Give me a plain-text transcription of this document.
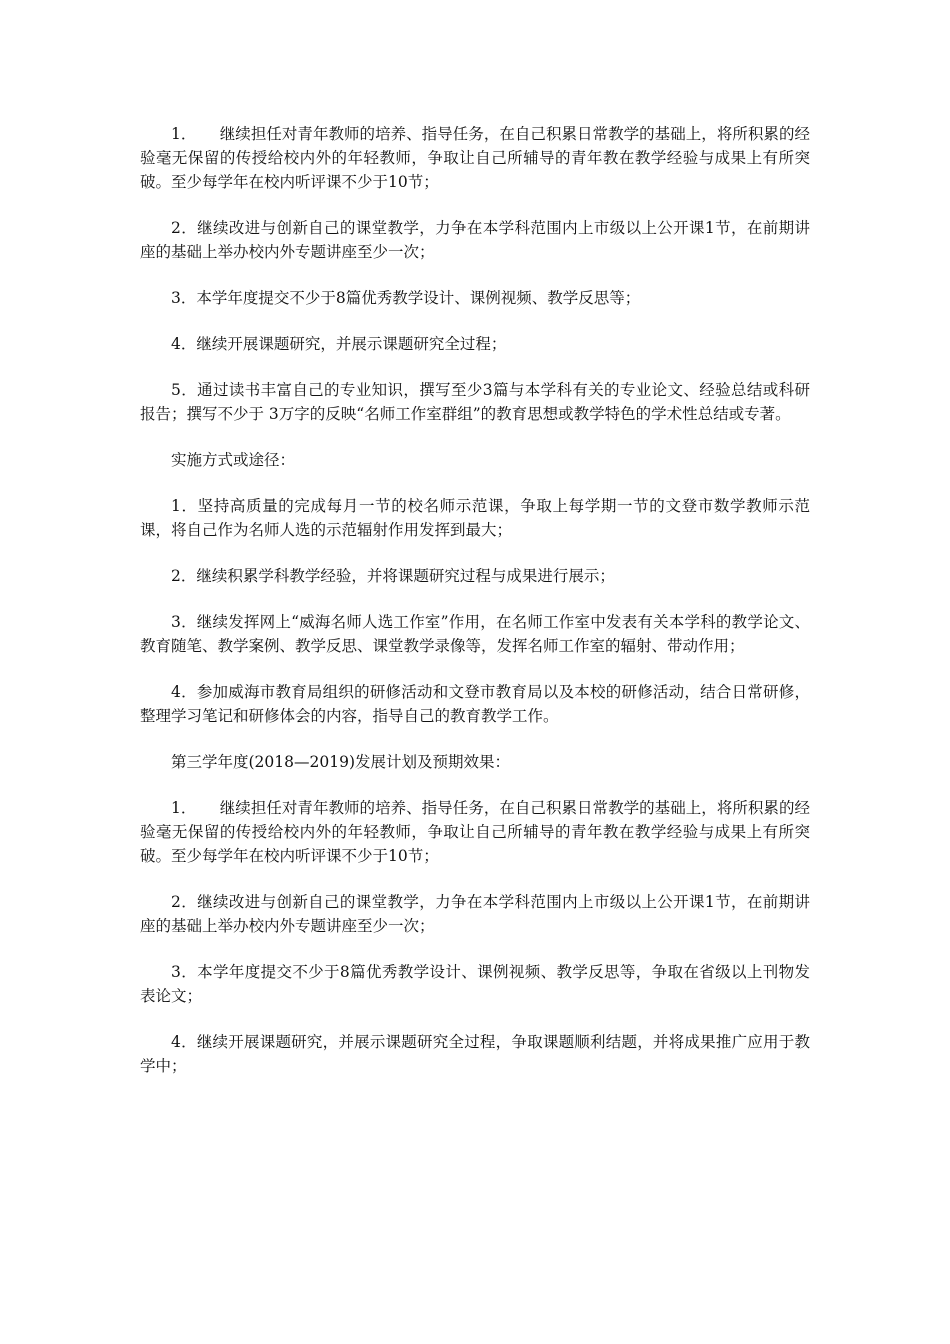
1．　　继续担任对青年教师的培养、指导任务，在自己积累日常教学的基础上，将所积累的经验毫无保留的传授给校内外的年轻教师，争取让自己所辅导的青年教在教学经验与成果上有所突破。至少每学年在校内听评课不少于10节；

2．继续改进与创新自己的课堂教学，力争在本学科范围内上市级以上公开课1节，在前期讲座的基础上举办校内外专题讲座至少一次；

3．本学年度提交不少于8篇优秀教学设计、课例视频、教学反思等；

4．继续开展课题研究，并展示课题研究全过程；

5．通过读书丰富自己的专业知识，撰写至少3篇与本学科有关的专业论文、经验总结或科研报告；撰写不少于 3万字的反映“名师工作室群组”的教育思想或教学特色的学术性总结或专著。

实施方式或途径：

1．坚持高质量的完成每月一节的校名师示范课，争取上每学期一节的文登市数学教师示范课，将自己作为名师人选的示范辐射作用发挥到最大；

2．继续积累学科教学经验，并将课题研究过程与成果进行展示；

3．继续发挥网上“威海名师人选工作室”作用，在名师工作室中发表有关本学科的教学论文、教育随笔、教学案例、教学反思、课堂教学录像等，发挥名师工作室的辐射、带动作用；

4．参加威海市教育局组织的研修活动和文登市教育局以及本校的研修活动，结合日常研修，整理学习笔记和研修体会的内容，指导自己的教育教学工作。

第三学年度(2018—2019)发展计划及预期效果：

1．　　继续担任对青年教师的培养、指导任务，在自己积累日常教学的基础上，将所积累的经验毫无保留的传授给校内外的年轻教师，争取让自己所辅导的青年教在教学经验与成果上有所突破。至少每学年在校内听评课不少于10节；

2．继续改进与创新自己的课堂教学，力争在本学科范围内上市级以上公开课1节，在前期讲座的基础上举办校内外专题讲座至少一次；

3．本学年度提交不少于8篇优秀教学设计、课例视频、教学反思等，争取在省级以上刊物发表论文；

4．继续开展课题研究，并展示课题研究全过程，争取课题顺利结题，并将成果推广应用于教学中；
